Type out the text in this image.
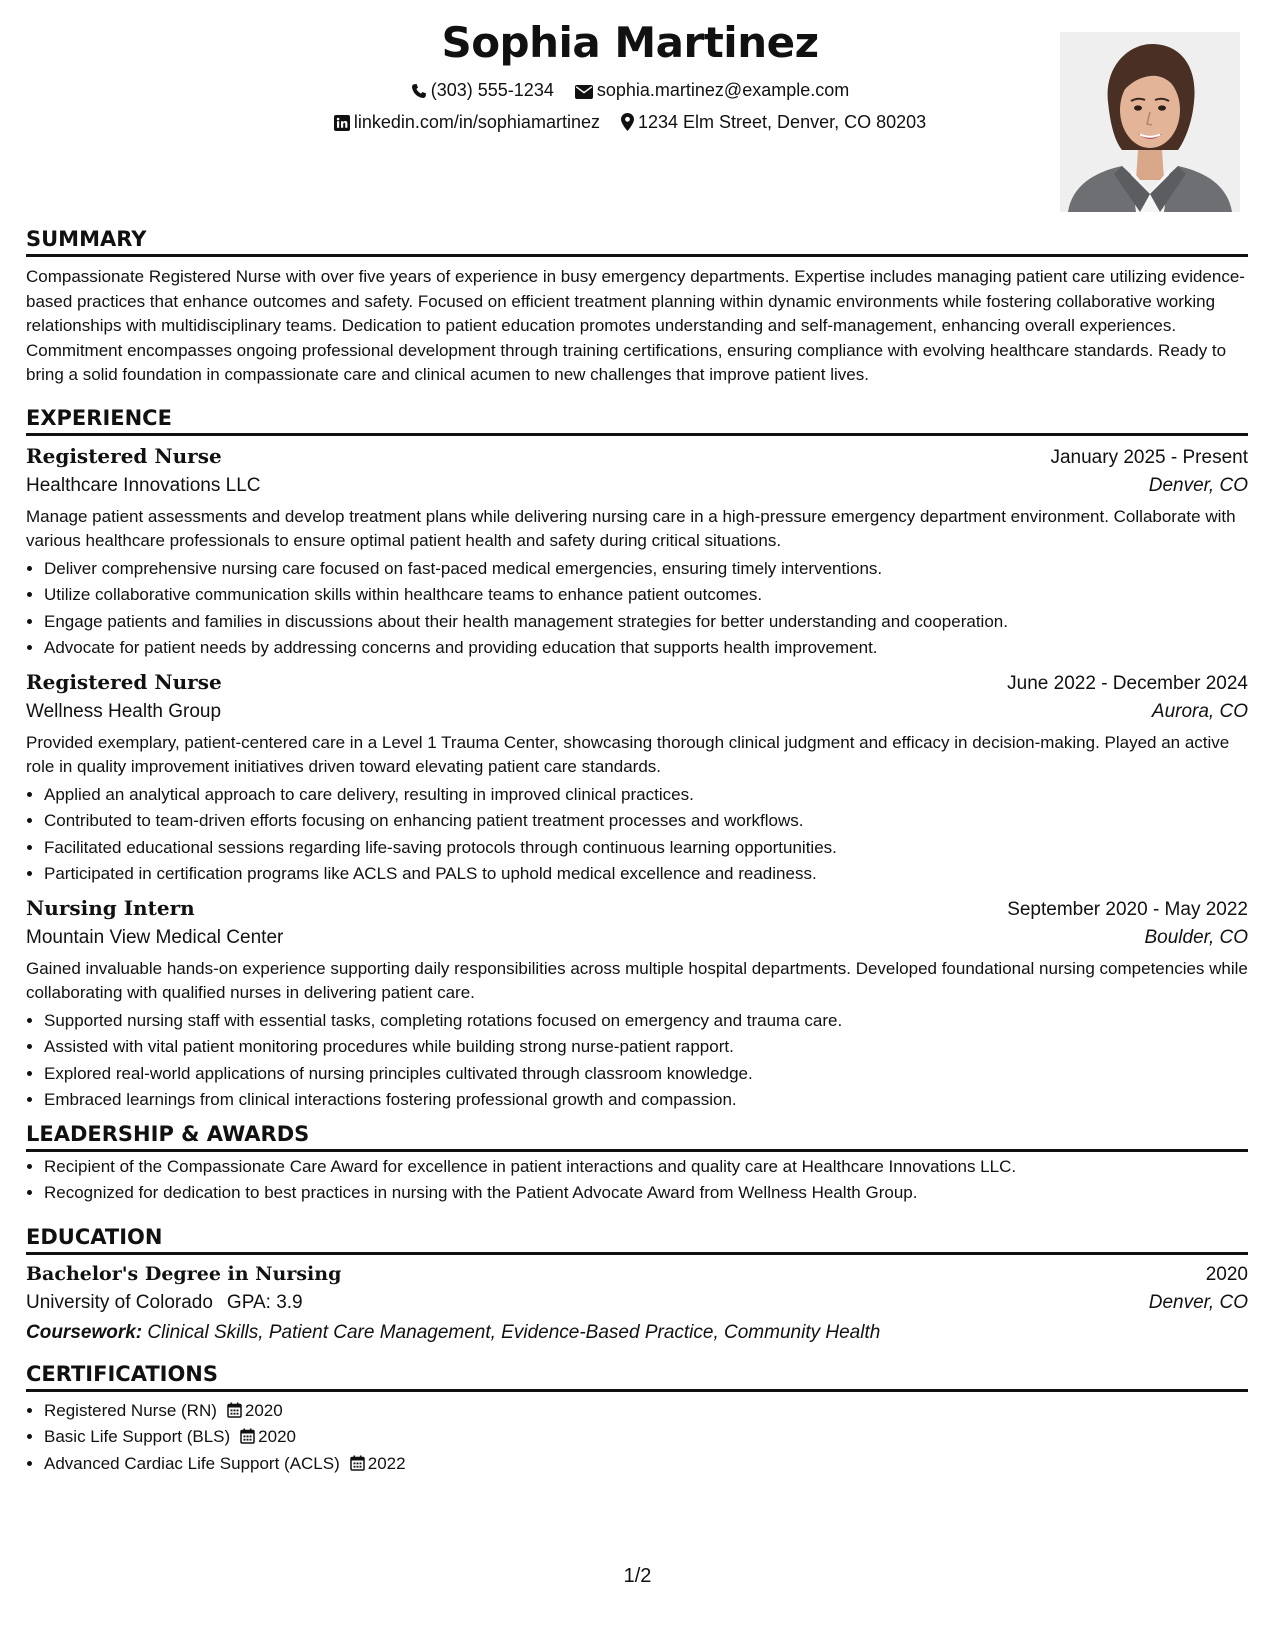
Sophia Martinez
(303) 555-1234 sophia.martinez@example.com
linkedin.com/in/sophiamartinez 1234 Elm Street, Denver, CO 80203
SUMMARY

Compassionate Registered Nurse with over five years of experience in busy emergency departments. Expertise includes managing patient care utilizing evidence-based practices that enhance outcomes and safety. Focused on efficient treatment planning within dynamic environments while fostering collaborative working relationships with multidisciplinary teams. Dedication to patient education promotes understanding and self-management, enhancing overall experiences. Commitment encompasses ongoing professional development through training certifications, ensuring compliance with evolving healthcare standards. Ready to bring a solid foundation in compassionate care and clinical acumen to new challenges that improve patient lives.

EXPERIENCE
Registered Nurse	January 2025 - Present
Healthcare Innovations LLC	Denver, CO

Manage patient assessments and develop treatment plans while delivering nursing care in a high-pressure emergency department environment. Collaborate with various healthcare professionals to ensure optimal patient health and safety during critical situations.

• Deliver comprehensive nursing care focused on fast-paced medical emergencies, ensuring timely interventions.
• Utilize collaborative communication skills within healthcare teams to enhance patient outcomes.
• Engage patients and families in discussions about their health management strategies for better understanding and cooperation.
• Advocate for patient needs by addressing concerns and providing education that supports health improvement.
Registered Nurse	June 2022 - December 2024
Wellness Health Group	Aurora, CO

Provided exemplary, patient-centered care in a Level 1 Trauma Center, showcasing thorough clinical judgment and efficacy in decision-making. Played an active role in quality improvement initiatives driven toward elevating patient care standards.

• Applied an analytical approach to care delivery, resulting in improved clinical practices.
• Contributed to team-driven efforts focusing on enhancing patient treatment processes and workflows.
• Facilitated educational sessions regarding life-saving protocols through continuous learning opportunities.
• Participated in certification programs like ACLS and PALS to uphold medical excellence and readiness.
Nursing Intern	September 2020 - May 2022
Mountain View Medical Center	Boulder, CO

Gained invaluable hands-on experience supporting daily responsibilities across multiple hospital departments. Developed foundational nursing competencies while collaborating with qualified nurses in delivering patient care.

• Supported nursing staff with essential tasks, completing rotations focused on emergency and trauma care.
• Assisted with vital patient monitoring procedures while building strong nurse-patient rapport.
• Explored real-world applications of nursing principles cultivated through classroom knowledge.
• Embraced learnings from clinical interactions fostering professional growth and compassion.
LEADERSHIP & AWARDS
• Recipient of the Compassionate Care Award for excellence in patient interactions and quality care at Healthcare Innovations LLC.
• Recognized for dedication to best practices in nursing with the Patient Advocate Award from Wellness Health Group.
EDUCATION
Bachelor's Degree in Nursing	2020
University of Colorado GPA: 3.9	Denver, CO
Coursework: Clinical Skills, Patient Care Management, Evidence-Based Practice, Community Health
CERTIFICATIONS
• Registered Nurse (RN) 2020
• Basic Life Support (BLS) 2020
• Advanced Cardiac Life Support (ACLS) 2022
1/2
